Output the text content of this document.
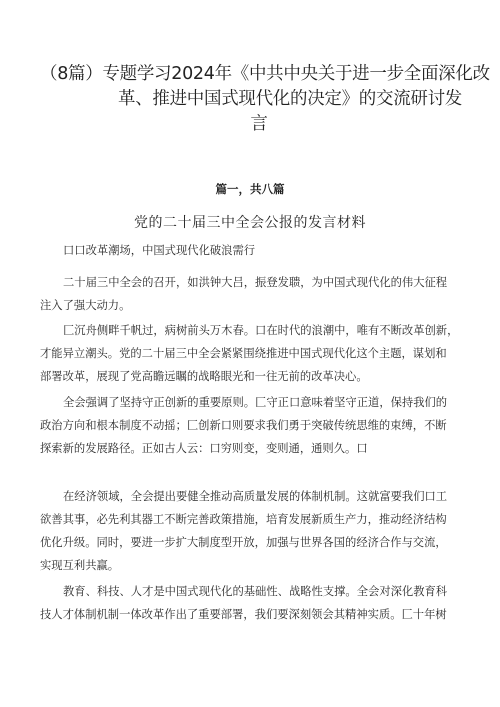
（8篇）专题学习2024年《中共中央关于进一步全面深化改
革、推进中国式现代化的决定》的交流研讨发
言
篇一，共八篇
党的二十届三中全会公报的发言材料
口口改革潮场，中国式现代化破浪需行
二十届三中全会的召开，如洪钟大吕，振登发聩，为中国式现代化的伟大征程
注入了强大动力。
匚沉舟侧畔千帆过，病树前头万木春。口在时代的浪潮中，唯有不断改革创新，
才能异立潮头。党的二十届三中全会紧紧围绕推进中国式现代化这个主题，谋划和
部署改革，展现了党高瞻远瞩的战略眼光和一往无前的改革决心。
全会强调了坚持守正创新的重要原则。匚守正口意味着坚守正道，保持我们的
政治方向和根本制度不动摇；匚创新口则要求我们勇于突破传统思维的束缚，不断
探索新的发展路径。正如古人云：口穷则变，变则通，通则久。口
在经济领域，全会提出要健全推动高质量发展的体制机制。这就富要我们口工
欲善其事，必先利其器工不断完善政策措施，培育发展新质生产力，推动经济结构
优化升级。同时，要进一步扩大制度型开放，加强与世界各国的经济合作与交流，
实现互利共赢。
教育、科技、人才是中国式现代化的基础性、战略性支撑。全会对深化教育科
技人才体制机制一体改革作出了重要部署，我们要深刻领会其精神实质。匚十年树
